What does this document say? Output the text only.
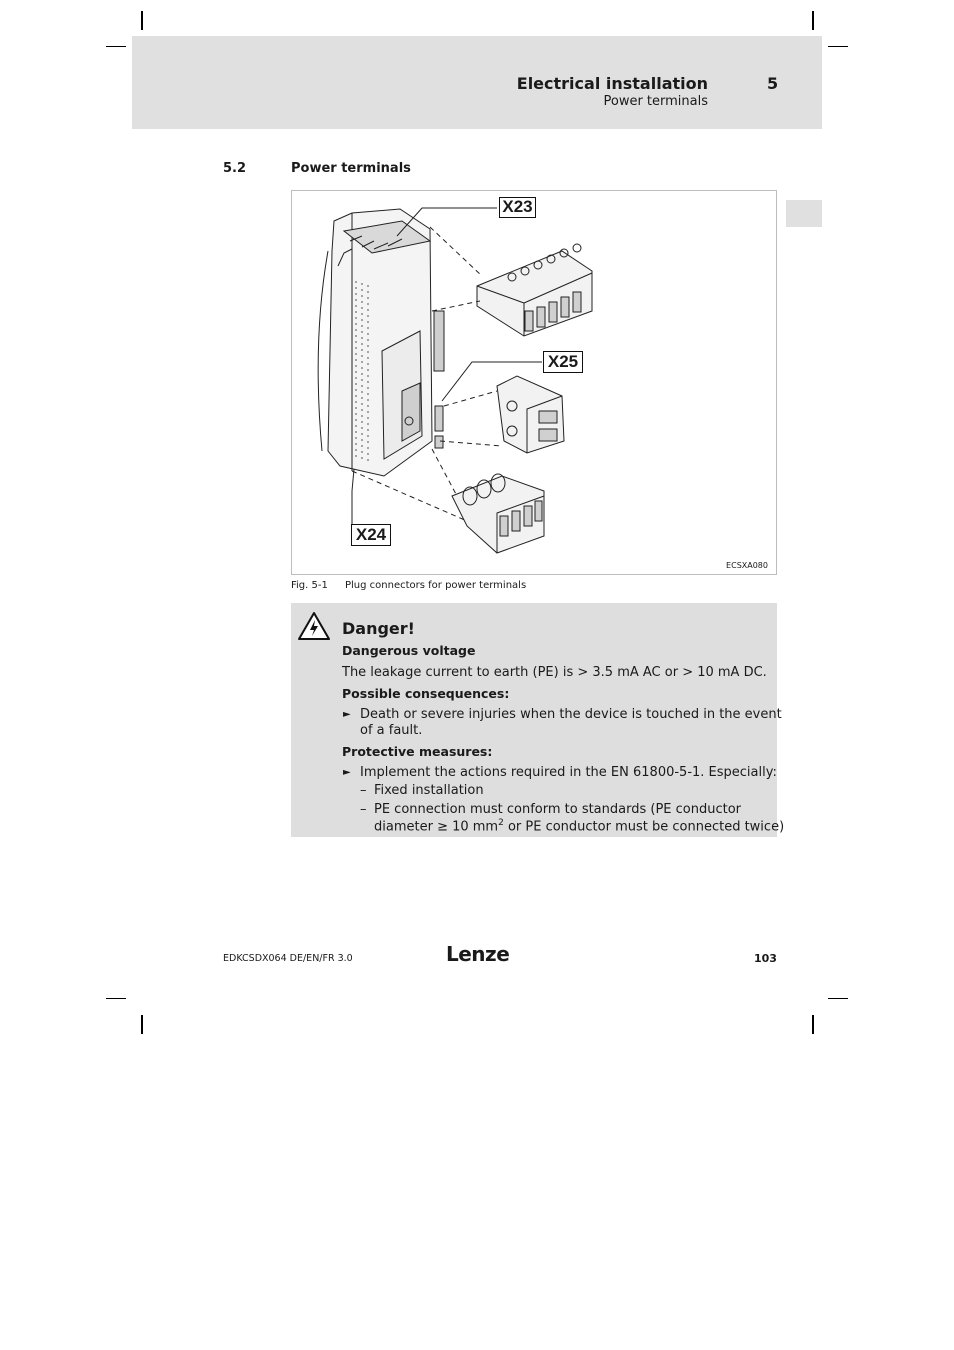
Electrical installation
Power terminals
5
5.2	Power terminals
X23
X25
X24
ECSXA080
Fig. 5-1 Plug connectors for power terminals
Danger!
Dangerous voltage
The leakage current to earth (PE) is > 3.5 mA AC or > 10 mA DC.
Possible consequences:
► Death or severe injuries when the device is touched in the event
of a fault.
Protective measures:
► Implement the actions required in the EN 61800-5-1. Especially:
– Fixed installation
– PE connection must conform to standards (PE conductor
diameter ≥ 10 $mm^2$ or PE conductor must be connected twice)
EDKCSDX064 DE/EN/FR 3.0	Lenze	103
